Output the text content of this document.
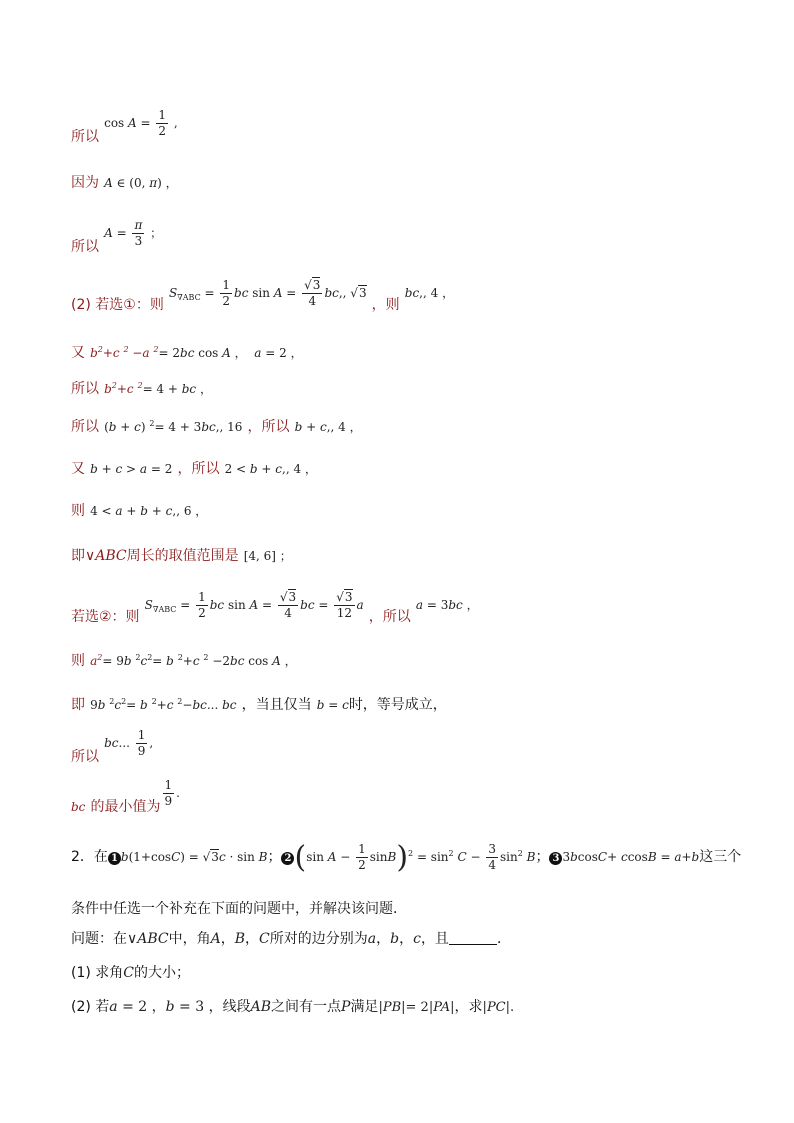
所以 $\cos A = \frac{1}{2}$ ,
因为 A ∈ (0, π) ，
所以 $A = \frac{\pi}{3}$ ；
(2) 若选①：则 $S_{\nabla ABC} = \frac{1}{2}$ bc $\sin A = \frac{√3}{4}$ bc,, √3 ，则 bc,, 4 ，
又 $b^2+c$ $^2$ −a $^2$= 2bc cos A ，  a = 2 ，
所以 $b^2+c$ $^2$= 4 + bc ，
所以 (b + c) $^2$= 4 + 3bc,, 16 ，所以 b + c,, 4 ，
又 b + c > a = 2 ，所以 2 < b + c,, 4 ，
则 4 < a + b + c,, 6 ，
即∨ABC周长的取值范围是 [4, 6] ；
若选②：则 $S_{\nabla ABC} = \frac{1}{2}$ bc $\sin A = \frac{√3}{4}$ bc = $\frac{√3}{12}$ a ，所以 a = 3bc ，
则 $a^2= 9b$ $^2c^2= b$ $^2$+c $^2$ −2bc cos A ，
即 9b $^2c^2= b$ $^2$+c $^2$−bc... bc ，当且仅当 b = c时，等号成立，
所以 bc... $\frac{1}{9}$ ,
$_{bc}$ 的最小值为 $\frac{1}{9}$ .
2．在 1 b(1+cosC) = √3c · sin B； 2 (sin $A - \frac{1}{2} \sin B)^2 = \sin^2 C - \frac{3}{4} \sin^2 B$； 3 3bcosC+ ccosB = a+b这三个
条件中任选一个补充在下面的问题中，并解决该问题．
问题：在∨ABC中，角A，B，C所对的边分别为a，b，c，且	．
(1) 求角C的大小；
(2) 若a = 2 ，b = 3 ，线段AB之间有一点P满足|PB|= 2|PA|，求|PC|.
